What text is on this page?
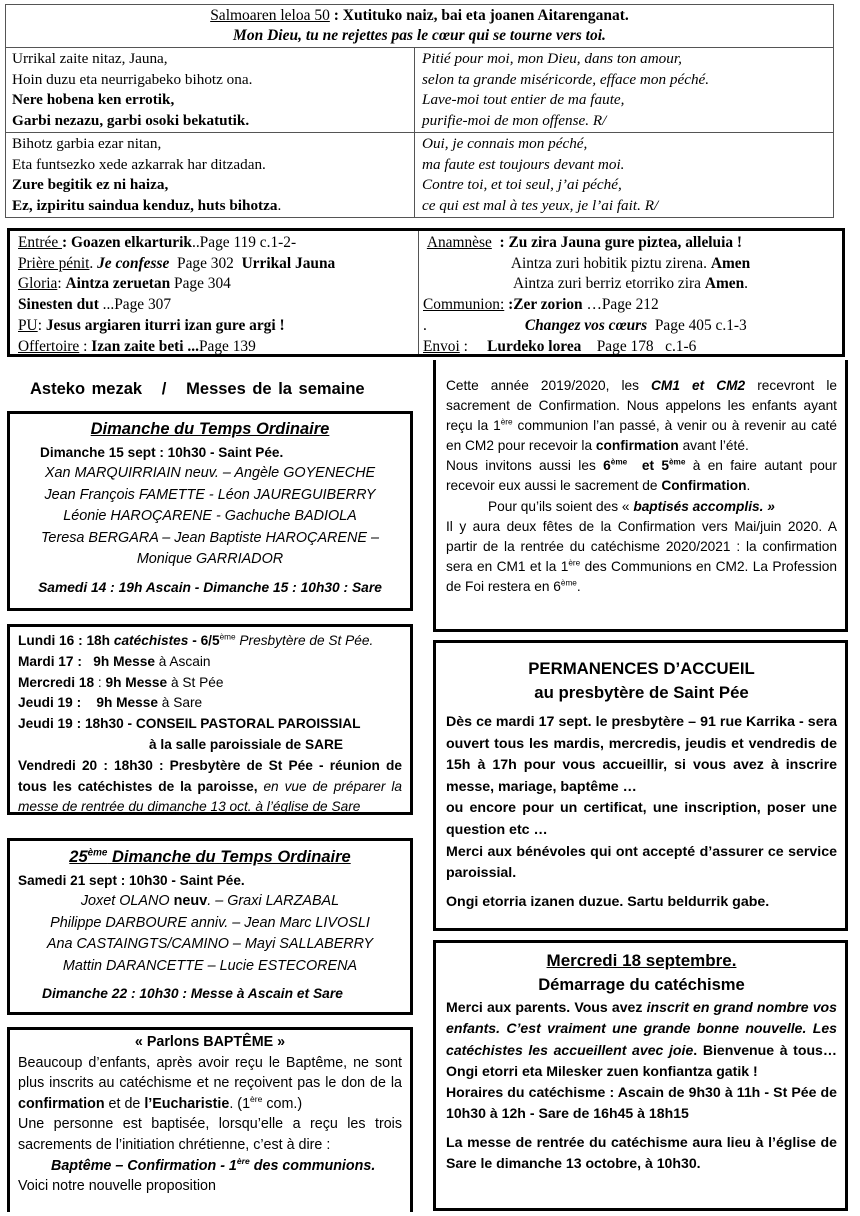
Salmoaren leloa 50 : Xutituko naiz, bai eta joanen Aitarenganat.
Mon Dieu, tu ne rejettes pas le cœur qui se tourne vers toi.
Urrikal zaite nitaz, Jauna,
Hoin duzu eta neurrigabeko bihotz ona.
Nere hobena ken errotik,
Garbi nezazu, garbi osoki bekatutik.
Pitié pour moi, mon Dieu, dans ton amour,
selon ta grande miséricorde, efface mon péché.
Lave-moi tout entier de ma faute,
purifie-moi de mon offense. R/
Bihotz garbia ezar nitan,
Eta funtsezko xede azkarrak har ditzadan.
Zure begitik ez ni haiza,
Ez, izpiritu saindua kenduz, huts bihotza.
Oui, je connais mon péché,
ma faute est toujours devant moi.
Contre toi, et toi seul, j’ai péché,
ce qui est mal à tes yeux, je l’ai fait. R/
Entrée : Goazen elkarturik..Page 119 c.1-2-
Prière pénit. Je confesse  Page 302  Urrikal Jauna
Gloria: Aintza zeruetan Page 304
Sinesten dut ...Page 307
PU: Jesus argiaren iturri izan gure argi !
Offertoire : Izan zaite beti ...Page 139
Anamnèse  : Zu zira Jauna gure piztea, alleluia !
Aintza zuri hobitik piztu zirena. Amen
Aintza zuri berriz etorriko zira Amen.
Communion: :Zer zorion …Page 212
.	Changez vos cœurs  Page 405 c.1-3
Envoi :     Lurdeko lorea    Page 178   c.1-6
Asteko mezak   /   Messes de la semaine
Dimanche du Temps Ordinaire
Dimanche 15 sept : 10h30 - Saint Pée.
Xan MARQUIRRIAIN neuv. – Angèle GOYENECHE
Jean François FAMETTE - Léon JAUREGUIBERRY
Léonie HAROÇARENE - Gachuche BADIOLA
Teresa BERGARA – Jean Baptiste HAROÇARENE –
Monique GARRIADOR
Samedi 14 : 19h Ascain - Dimanche 15 : 10h30 : Sare
Lundi 16 : 18h catéchistes - 6/5ème Presbytère de St Pée.
Mardi 17 :   9h Messe à Ascain
Mercredi 18 : 9h Messe à St Pée
Jeudi 19 :    9h Messe à Sare
Jeudi 19 : 18h30 - CONSEIL PASTORAL PAROISSIAL
à la salle paroissiale de SARE
Vendredi 20 : 18h30 : Presbytère de St Pée - réunion de tous les catéchistes de la paroisse, en vue de préparer la messe de rentrée du dimanche 13 oct. à l’église de Sare
25ème Dimanche du Temps Ordinaire
Samedi 21 sept : 10h30 - Saint Pée.
Joxet OLANO neuv. – Graxi LARZABAL
Philippe DARBOURE anniv. – Jean Marc LIVOSLI
Ana CASTAINGTS/CAMINO – Mayi SALLABERRY
Mattin DARANCETTE – Lucie ESTECORENA
Dimanche 22 : 10h30 : Messe à Ascain et Sare
« Parlons BAPTÊME »
Beaucoup d’enfants, après avoir reçu le Baptême, ne sont plus inscrits au catéchisme et ne reçoivent pas le don de la confirmation et de l’Eucharistie. (1ère com.)
Une personne est baptisée, lorsqu’elle a reçu les trois sacrements de l’initiation chrétienne, c’est à dire :
Baptême – Confirmation - 1ère des communions.
Voici notre nouvelle proposition
Cette année 2019/2020, les CM1 et CM2 recevront le sacrement de Confirmation. Nous appelons les enfants ayant reçu la 1ère communion l’an passé, à venir ou à revenir au caté en CM2 pour recevoir la confirmation avant l’été.
Nous invitons aussi les 6ème  et 5ème à en faire autant pour recevoir eux aussi le sacrement de Confirmation.
Pour qu’ils soient des « baptisés accomplis. »
Il y aura deux fêtes de la Confirmation vers Mai/juin 2020. A partir de la rentrée du catéchisme 2020/2021 : la confirmation sera en CM1 et la 1ère des Communions en CM2. La Profession de Foi restera en 6ème.
PERMANENCES D’ACCUEIL
au presbytère de Saint Pée
Dès ce mardi 17 sept. le presbytère – 91 rue Karrika - sera ouvert tous les mardis, mercredis, jeudis et vendredis de 15h à 17h pour vous accueillir, si vous avez à inscrire messe, mariage, baptême …
ou encore pour un certificat, une inscription, poser une question etc …
Merci aux bénévoles qui ont accepté d’assurer ce service paroissial.
Ongi etorria izanen duzue. Sartu beldurrik gabe.
Mercredi 18 septembre.
Démarrage du catéchisme
Merci aux parents. Vous avez inscrit en grand nombre vos enfants. C’est vraiment une grande bonne nouvelle. Les catéchistes les accueillent avec joie. Bienvenue à tous… Ongi etorri eta Milesker zuen konfiantza gatik !
Horaires du catéchisme : Ascain de 9h30 à 11h - St Pée de 10h30 à 12h - Sare de 16h45 à 18h15
La messe de rentrée du catéchisme aura lieu à l’église de Sare le dimanche 13 octobre, à 10h30.
